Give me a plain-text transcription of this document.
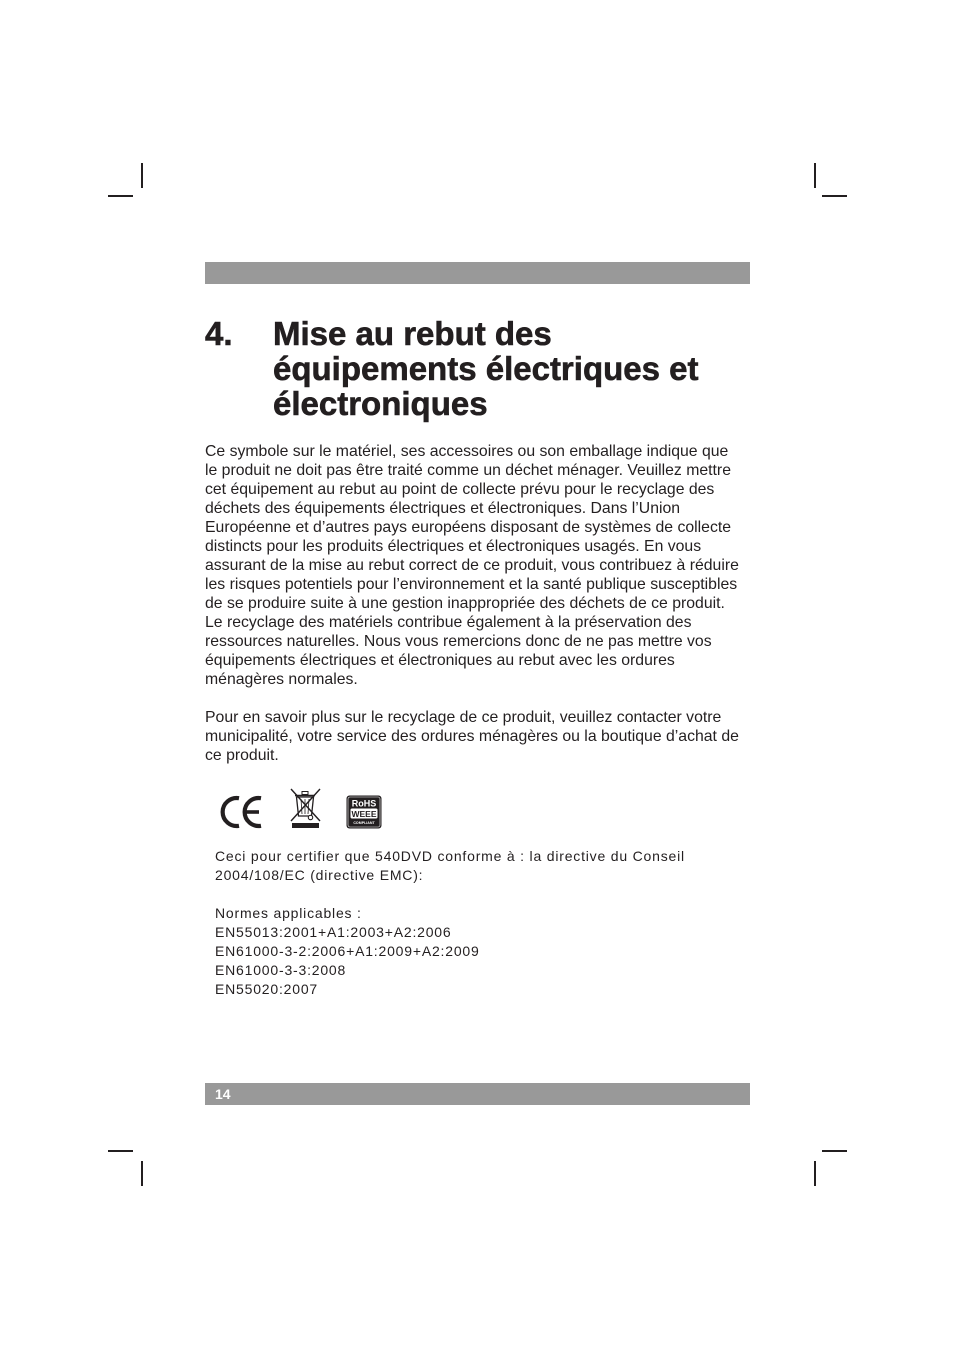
4. Mise au rebut des
équipements électriques et
électroniques
Ce symbole sur le matériel, ses accessoires ou son emballage indique que
le produit ne doit pas être traité comme un déchet ménager. Veuillez mettre
cet équipement au rebut au point de collecte prévu pour le recyclage des
déchets des équipements électriques et électroniques. Dans l’Union
Européenne et d’autres pays européens disposant de systèmes de collecte
distincts pour les produits électriques et électroniques usagés. En vous
assurant de la mise au rebut correct de ce produit, vous contribuez à réduire
les risques potentiels pour l’environnement et la santé publique susceptibles
de se produire suite à une gestion inappropriée des déchets de ce produit.
Le recyclage des matériels contribue également à la préservation des
ressources naturelles. Nous vous remercions donc de ne pas mettre vos
équipements électriques et électroniques au rebut avec les ordures
ménagères normales.
Pour en savoir plus sur le recyclage de ce produit, veuillez contacter votre
municipalité, votre service des ordures ménagères ou la boutique d’achat de
ce produit.
RoHS
WEEE
COMPLIANT
Ceci pour certifier que 540DVD conforme à : la directive du Conseil
2004/108/EC (directive EMC):
Normes applicables :
EN55013:2001+A1:2003+A2:2006
EN61000-3-2:2006+A1:2009+A2:2009
EN61000-3-3:2008
EN55020:2007
14
